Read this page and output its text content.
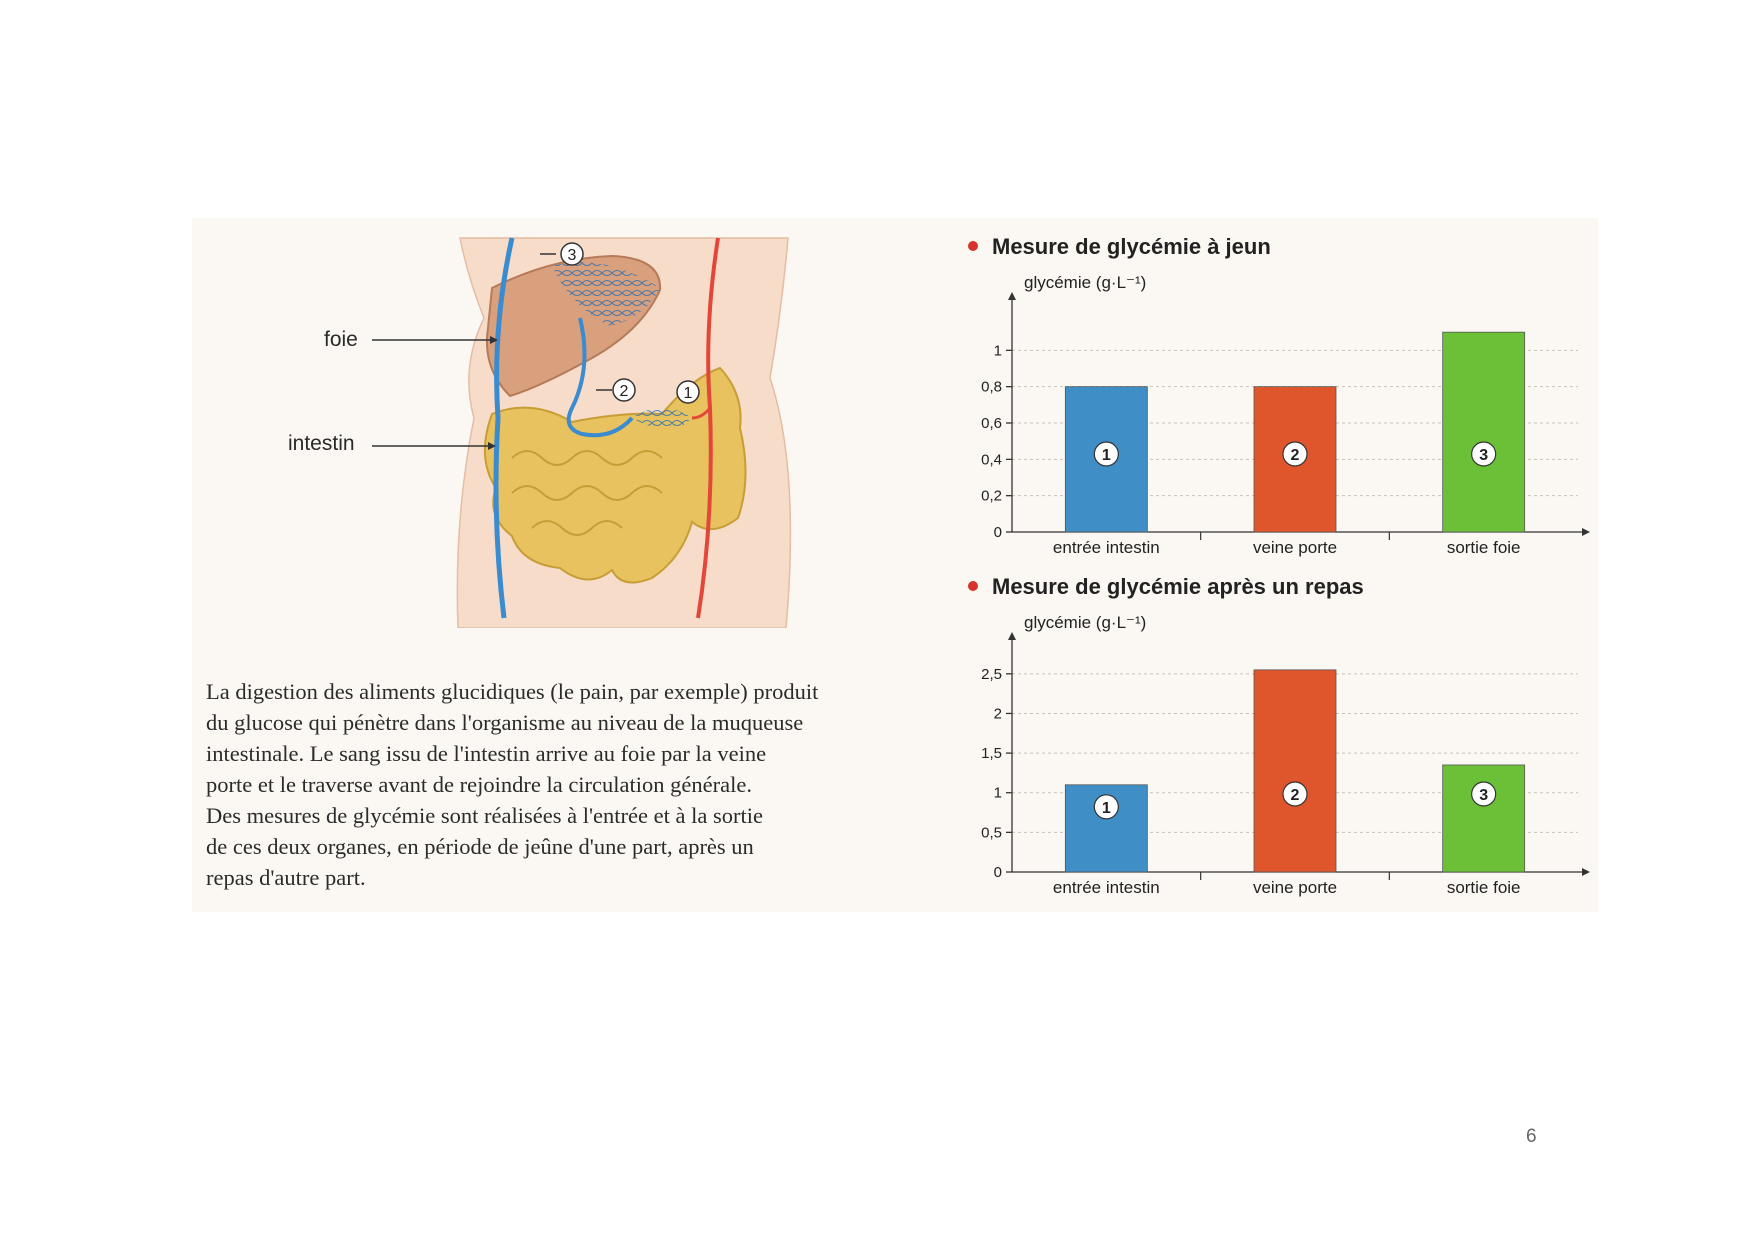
3
2	1
foie
intestin

La digestion des aliments glucidiques (le pain, par exemple) produit

du glucose qui pénètre dans l'organisme au niveau de la muqueuse

intestinale. Le sang issu de l'intestin arrive au foie par la veine

porte et le traverse avant de rejoindre la circulation générale.

Des mesures de glycémie sont réalisées à l'entrée et à la sortie

de ces deux organes, en période de jeûne d'une part, après un

repas d'autre part.

Mesure de glycémie à jeun
glycémie (g·L⁻¹)
0
0,2
0,4
0,6
0,8
1
1
entrée intestin
2
veine porte
3
sortie foie
Mesure de glycémie après un repas
glycémie (g·L⁻¹)
0
0,5
1
1,5
2
2,5
1
entrée intestin
2
veine porte
3
sortie foie
6
